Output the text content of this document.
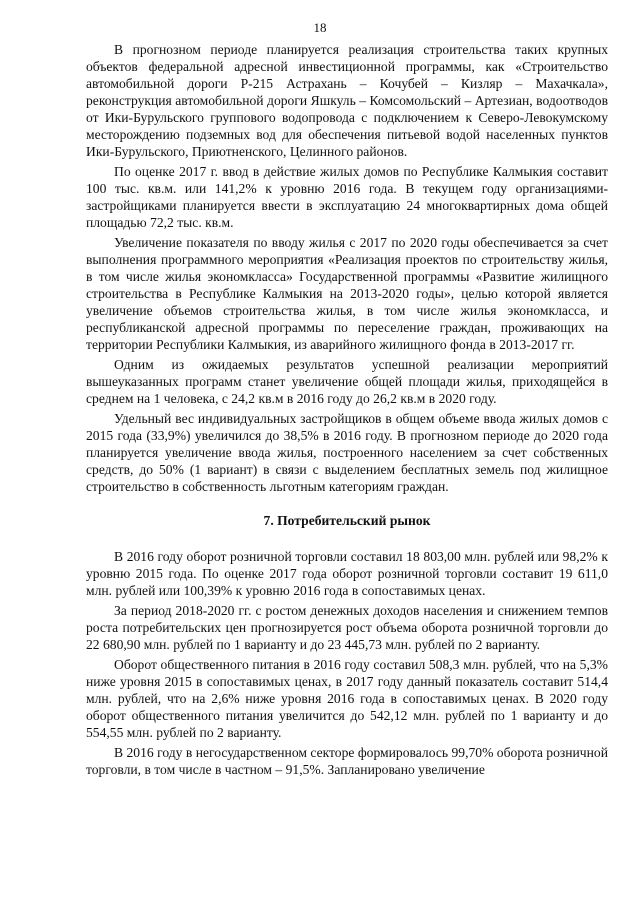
18

В прогнозном периоде планируется реализация строительства таких крупных объектов федеральной адресной инвестиционной программы, как «Строительство автомобильной дороги Р-215 Астрахань – Кочубей – Кизляр – Махачкала», реконструкция автомобильной дороги Яшкуль – Комсомольский – Артезиан, водоотводов от Ики-Бурульского группового водопровода с подключением к Северо-Левокумскому месторождению подземных вод для обеспечения питьевой водой населенных пунктов Ики-Бурульского, Приютненского, Целинного районов.

По оценке 2017 г. ввод в действие жилых домов по Республике Калмыкия составит 100 тыс. кв.м. или 141,2% к уровню 2016 года. В текущем году организациями-застройщиками планируется ввести в эксплуатацию 24 многоквартирных дома общей площадью 72,2 тыс. кв.м.

Увеличение показателя по вводу жилья с 2017 по 2020 годы обеспечивается за счет выполнения программного мероприятия «Реализация проектов по строительству жилья, в том числе жилья экономкласса» Государственной программы «Развитие жилищного строительства в Республике Калмыкия на 2013-2020 годы», целью которой является увеличение объемов строительства жилья, в том числе жилья экономкласса, и республиканской адресной программы по переселение граждан, проживающих на территории Республики Калмыкия, из аварийного жилищного фонда в 2013-2017 гг.

Одним из ожидаемых результатов успешной реализации мероприятий вышеуказанных программ станет увеличение общей площади жилья, приходящейся в среднем на 1 человека, с 24,2 кв.м в 2016 году до 26,2 кв.м в 2020 году.

Удельный вес индивидуальных застройщиков в общем объеме ввода жилых домов с 2015 года (33,9%) увеличился до 38,5% в 2016 году. В прогнозном периоде до 2020 года планируется увеличение ввода жилья, построенного населением за счет собственных средств, до 50% (1 вариант) в связи с выделением бесплатных земель под жилищное строительство в собственность льготным категориям граждан.

7. Потребительский рынок

В 2016 году оборот розничной торговли составил 18 803,00 млн. рублей или 98,2% к уровню 2015 года. По оценке 2017 года оборот розничной торговли составит 19 611,0 млн. рублей или 100,39% к уровню 2016 года в сопоставимых ценах.

За период 2018-2020 гг. с ростом денежных доходов населения и снижением темпов роста потребительских цен прогнозируется рост объема оборота розничной торговли до 22 680,90 млн. рублей по 1 варианту и до 23 445,73 млн. рублей по 2 варианту.

Оборот общественного питания в 2016 году составил 508,3 млн. рублей, что на 5,3% ниже уровня 2015 в сопоставимых ценах, в 2017 году данный показатель составит 514,4 млн. рублей, что на 2,6% ниже уровня 2016 года в сопоставимых ценах. В 2020 году оборот общественного питания увеличится до 542,12 млн. рублей по 1 варианту и до 554,55 млн. рублей по 2 варианту.

В 2016 году в негосударственном секторе формировалось 99,70% оборота розничной торговли, в том числе в частном – 91,5%. Запланировано увеличение
